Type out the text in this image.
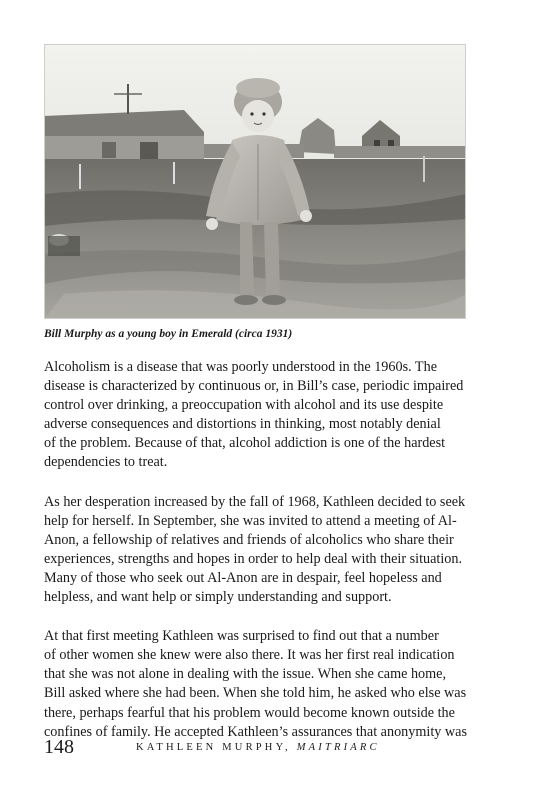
Bill Murphy as a young boy in Emerald (circa 1931)
Alcoholism is a disease that was poorly understood in the 1960s. The
disease is characterized by continuous or, in Bill’s case, periodic impaired
control over drinking, a preoccupation with alcohol and its use despite
adverse consequences and distortions in thinking, most notably denial
of the problem. Because of that, alcohol addiction is one of the hardest
dependencies to treat.
As her desperation increased by the fall of 1968, Kathleen decided to seek
help for herself. In September, she was invited to attend a meeting of Al-
Anon, a fellowship of relatives and friends of alcoholics who share their
experiences, strengths and hopes in order to help deal with their situation.
Many of those who seek out Al-Anon are in despair, feel hopeless and
helpless, and want help or simply understanding and support.
At that first meeting Kathleen was surprised to find out that a number
of other women she knew were also there. It was her first real indication
that she was not alone in dealing with the issue. When she came home,
Bill asked where she had been. When she told him, he asked who else was
there, perhaps fearful that his problem would become known outside the
confines of family. He accepted Kathleen’s assurances that anonymity was
148	KATHLEEN MURPHY, MAITRIARC
